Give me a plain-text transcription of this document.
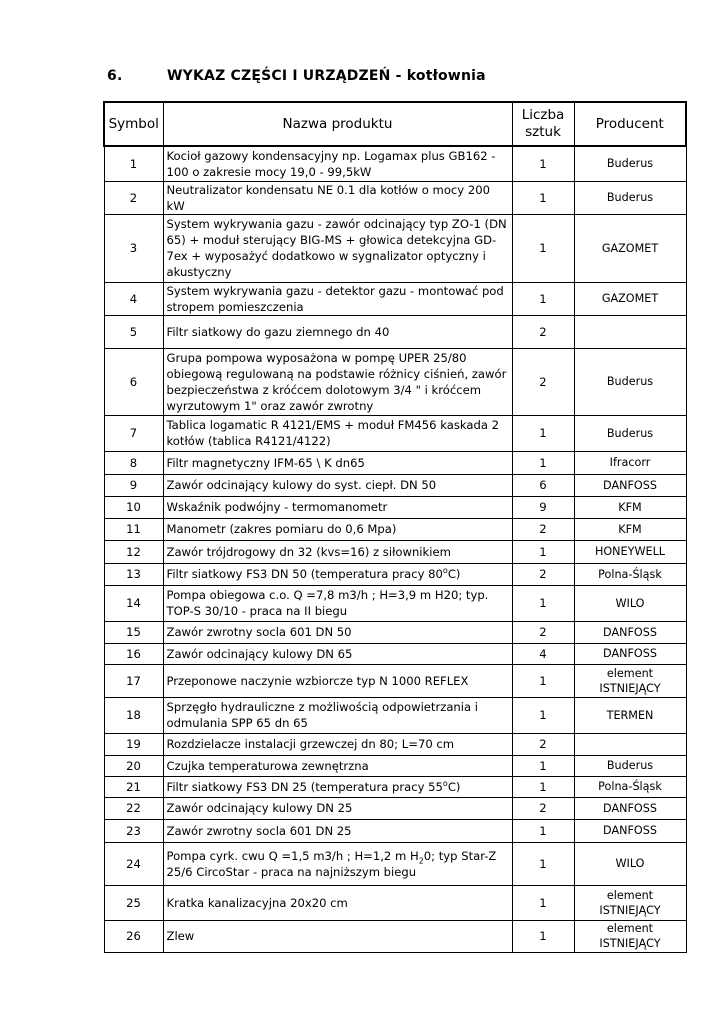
6.	WYKAZ CZĘŚCI I URZĄDZEŃ - kotłownia
Symbol	Nazwa produktu	Liczba sztuk	Producent
1	Kocioł gazowy kondensacyjny np. Logamax plus GB162 - 100 o zakresie mocy 19,0 - 99,5kW	1	Buderus
2	Neutralizator kondensatu NE 0.1 dla kotłów o mocy 200 kW	1	Buderus
3	System wykrywania gazu - zawór odcinający typ ZO-1 (DN 65) + moduł sterujący BIG-MS + głowica detekcyjna GD-7ex + wyposażyć dodatkowo w sygnalizator optyczny i akustyczny	1	GAZOMET
4	System wykrywania gazu - detektor gazu - montować pod stropem pomieszczenia	1	GAZOMET
5	Filtr siatkowy do gazu ziemnego dn 40	2	
6	Grupa pompowa wyposażona w pompę UPER 25/80 obiegową regulowaną na podstawie różnicy ciśnień, zawór bezpieczeństwa z króćcem dolotowym 3/4 " i króćcem wyrzutowym 1" oraz zawór zwrotny	2	Buderus
7	Tablica logamatic R 4121/EMS + moduł FM456 kaskada 2 kotłów (tablica R4121/4122)	1	Buderus
8	Filtr magnetyczny IFM-65 \ K dn65	1	Ifracorr
9	Zawór odcinający kulowy do syst. ciepł. DN 50	6	DANFOSS
10	Wskaźnik podwójny - termomanometr	9	KFM
11	Manometr (zakres pomiaru do 0,6 Mpa)	2	KFM
12	Zawór trójdrogowy dn 32 (kvs=16) z siłownikiem	1	HONEYWELL
13	Filtr siatkowy FS3 DN 50 (temperatura pracy 80$^o$C)	2	Polna-Śląsk
14	Pompa obiegowa c.o. Q =7,8 m3/h ; H=3,9 m H20; typ. TOP-S 30/10 - praca na II biegu	1	WILO
15	Zawór zwrotny socla 601 DN 50	2	DANFOSS
16	Zawór odcinający kulowy DN 65	4	DANFOSS
17	Przeponowe naczynie wzbiorcze typ N 1000 REFLEX	1	element ISTNIEJĄCY
18	Sprzęgło hydrauliczne z możliwością odpowietrzania i odmulania SPP 65 dn 65	1	TERMEN
19	Rozdzielacze instalacji grzewczej dn 80; L=70 cm	2	
20	Czujka temperaturowa zewnętrzna	1	Buderus
21	Filtr siatkowy FS3 DN 25 (temperatura pracy 55$^o$C)	1	Polna-Śląsk
22	Zawór odcinający kulowy DN 25	2	DANFOSS
23	Zawór zwrotny socla 601 DN 25	1	DANFOSS
24	Pompa cyrk. cwu Q =1,5 m3/h ; H=1,2 m $H_20$; typ Star-Z 25/6 CircoStar - praca na najniższym biegu	1	WILO
25	Kratka kanalizacyjna 20x20 cm	1	element ISTNIEJĄCY
26	Zlew	1	element ISTNIEJĄCY
